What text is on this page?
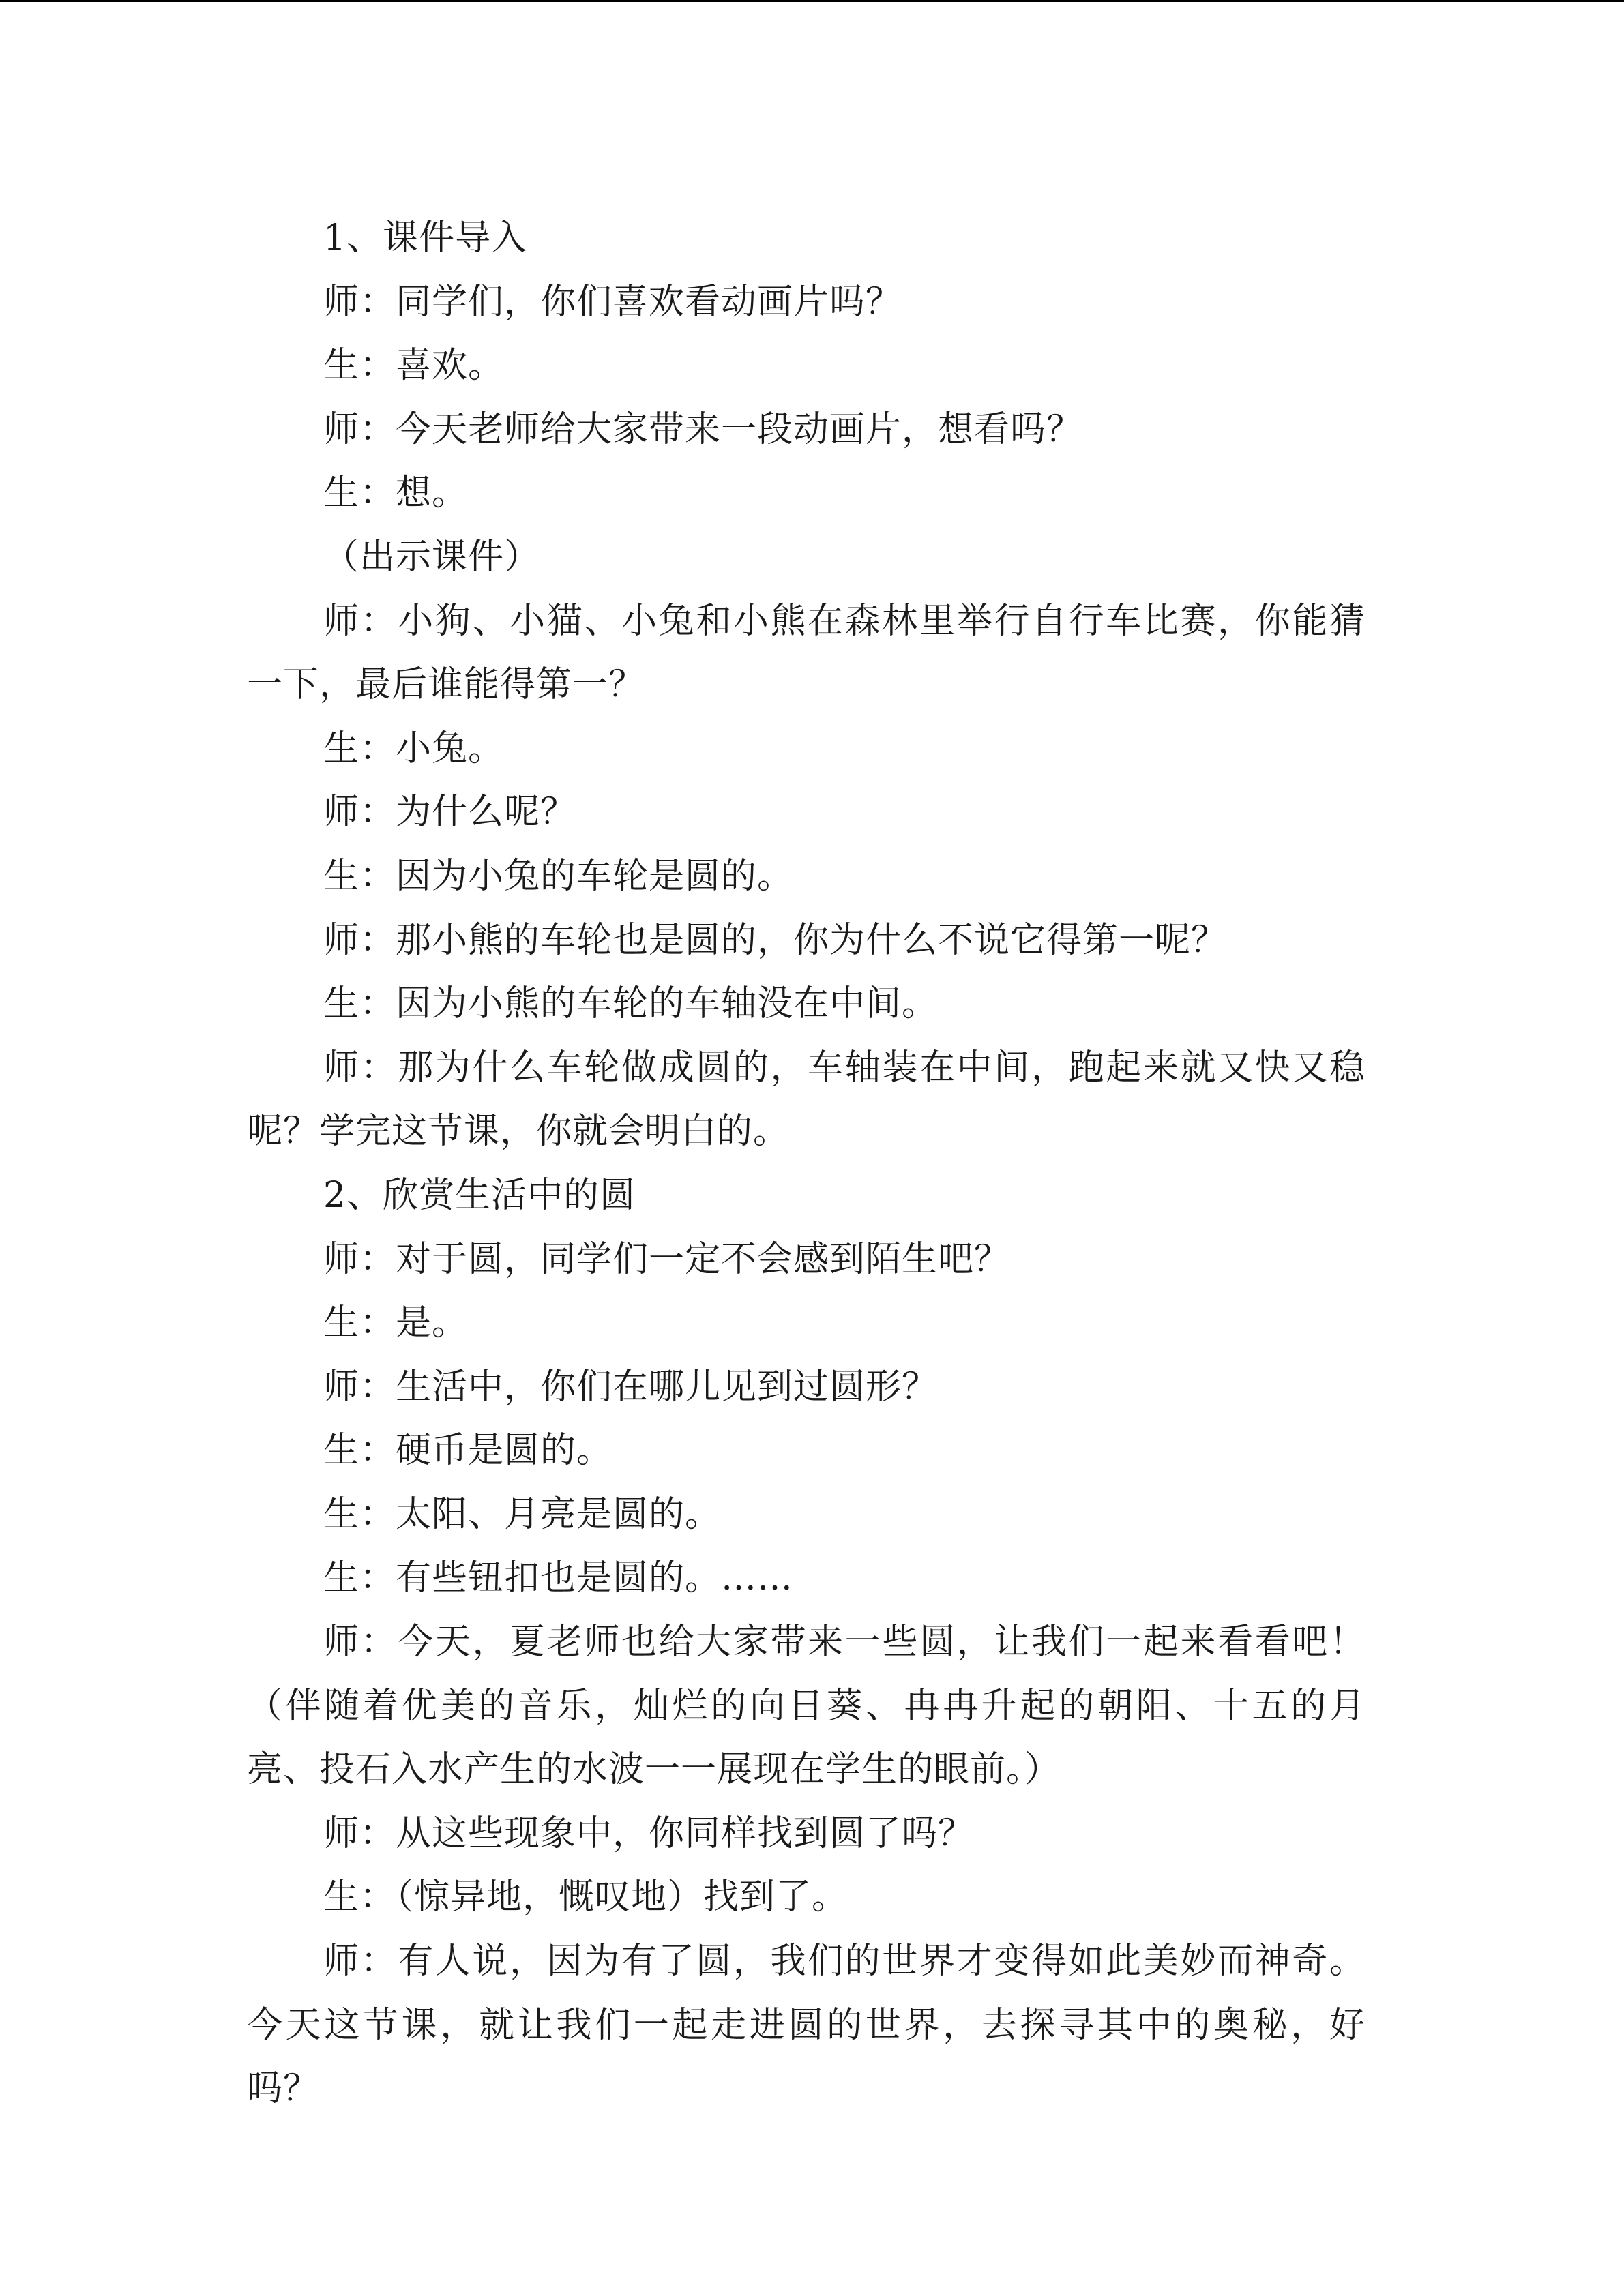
1、课件导入

师：同学们，你们喜欢看动画片吗？

生：喜欢。

师：今天老师给大家带来一段动画片，想看吗？

生：想。

（出示课件）

师：小狗、小猫、小兔和小熊在森林里举行自行车比赛，你能猜一下，最后谁能得第一？

生：小兔。

师：为什么呢？

生：因为小兔的车轮是圆的。

师：那小熊的车轮也是圆的，你为什么不说它得第一呢？

生：因为小熊的车轮的车轴没在中间。

师：那为什么车轮做成圆的，车轴装在中间，跑起来就又快又稳呢？学完这节课，你就会明白的。

2、欣赏生活中的圆

师：对于圆，同学们一定不会感到陌生吧？

生：是。

师：生活中，你们在哪儿见到过圆形？

生：硬币是圆的。

生：太阳、月亮是圆的。

生：有些钮扣也是圆的。……

师：今天，夏老师也给大家带来一些圆，让我们一起来看看吧！（伴随着优美的音乐，灿烂的向日葵、冉冉升起的朝阳、十五的月亮、投石入水产生的水波一一展现在学生的眼前。）

师：从这些现象中，你同样找到圆了吗？

生：（惊异地，慨叹地）找到了。

师：有人说，因为有了圆，我们的世界才变得如此美妙而神奇。今天这节课，就让我们一起走进圆的世界，去探寻其中的奥秘，好吗？
